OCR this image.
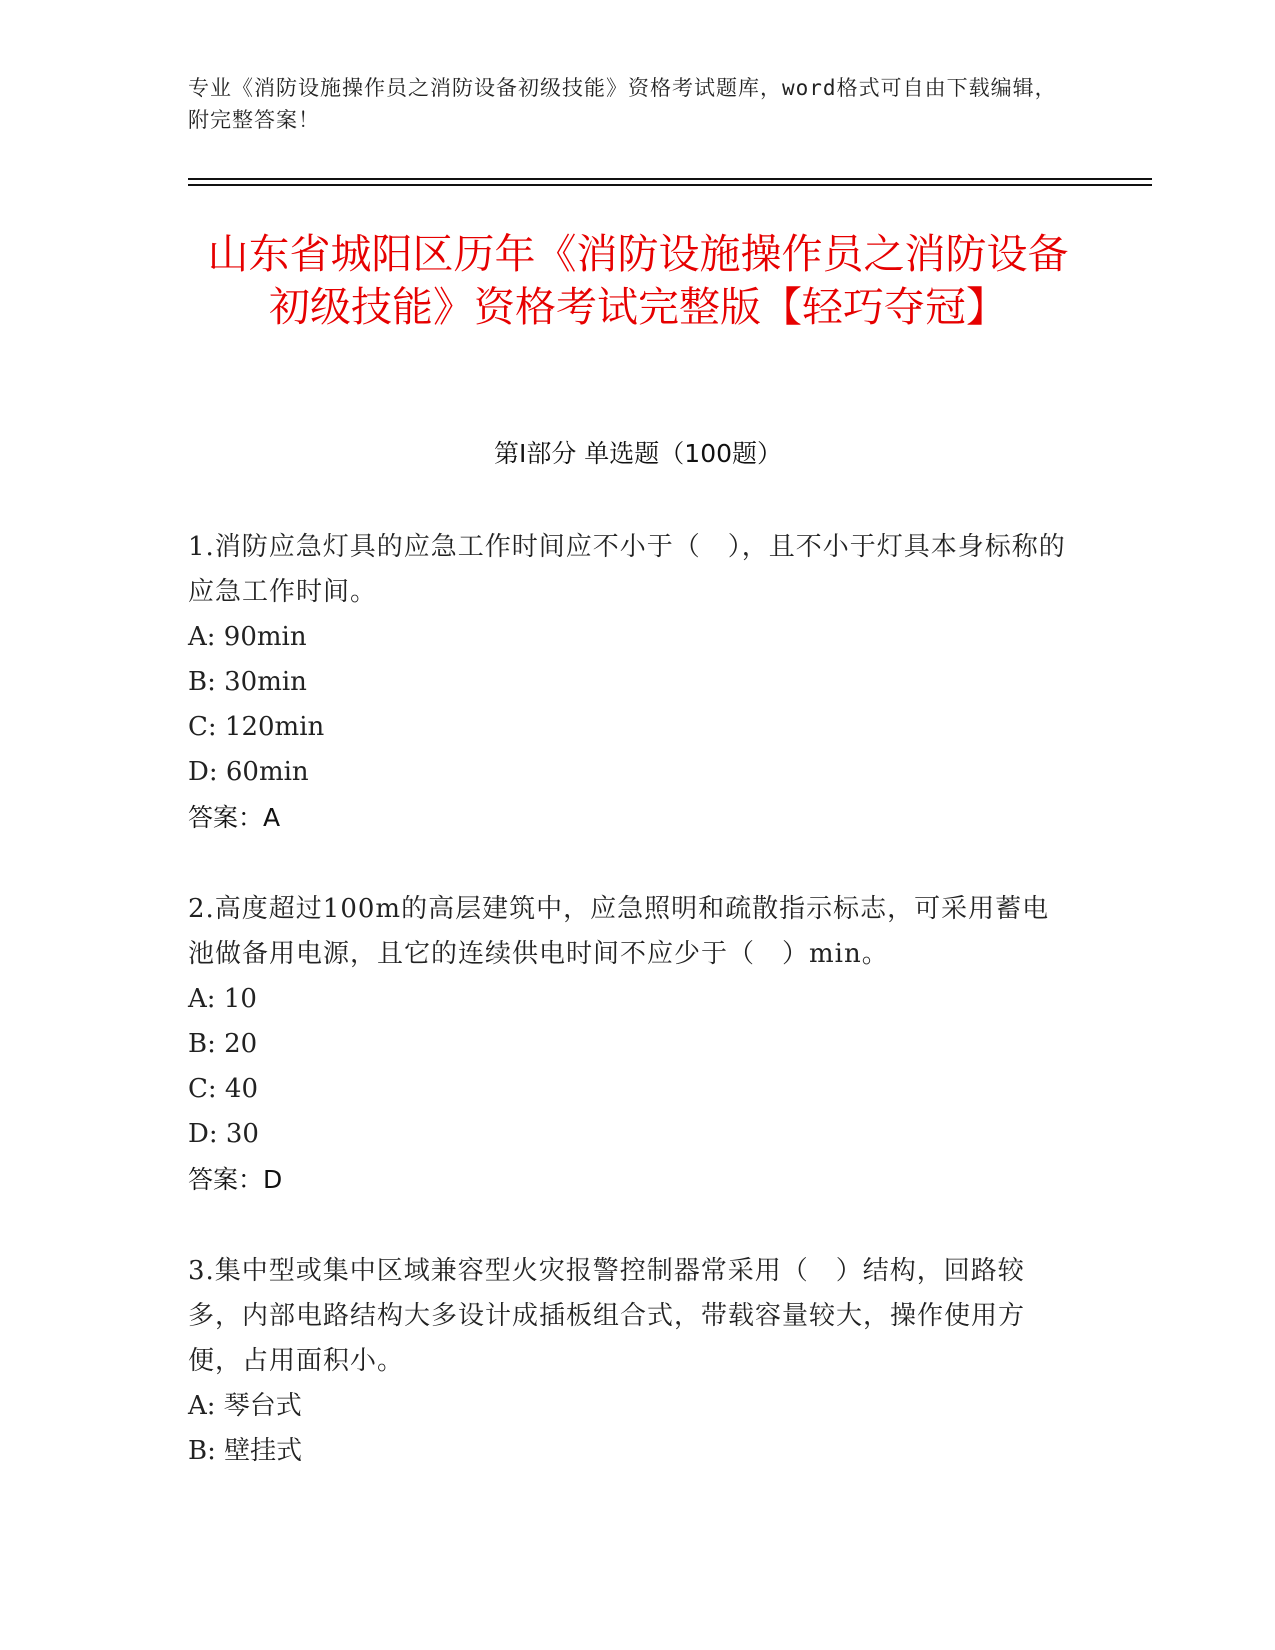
专业《消防设施操作员之消防设备初级技能》资格考试题库，word格式可自由下载编辑，附完整答案！
山东省城阳区历年《消防设施操作员之消防设备初级技能》资格考试完整版【轻巧夺冠】
第Ⅰ部分 单选题（100题）
1.消防应急灯具的应急工作时间应不小于（　），且不小于灯具本身标称的应急工作时间。
A: 90min
B: 30min
C: 120min
D: 60min
答案：A
2.高度超过100m的高层建筑中，应急照明和疏散指示标志，可采用蓄电池做备用电源，且它的连续供电时间不应少于（　）min。
A: 10
B: 20
C: 40
D: 30
答案：D
3.集中型或集中区域兼容型火灾报警控制器常采用（　）结构，回路较多，内部电路结构大多设计成插板组合式，带载容量较大，操作使用方便，占用面积小。
A: 琴台式
B: 壁挂式
